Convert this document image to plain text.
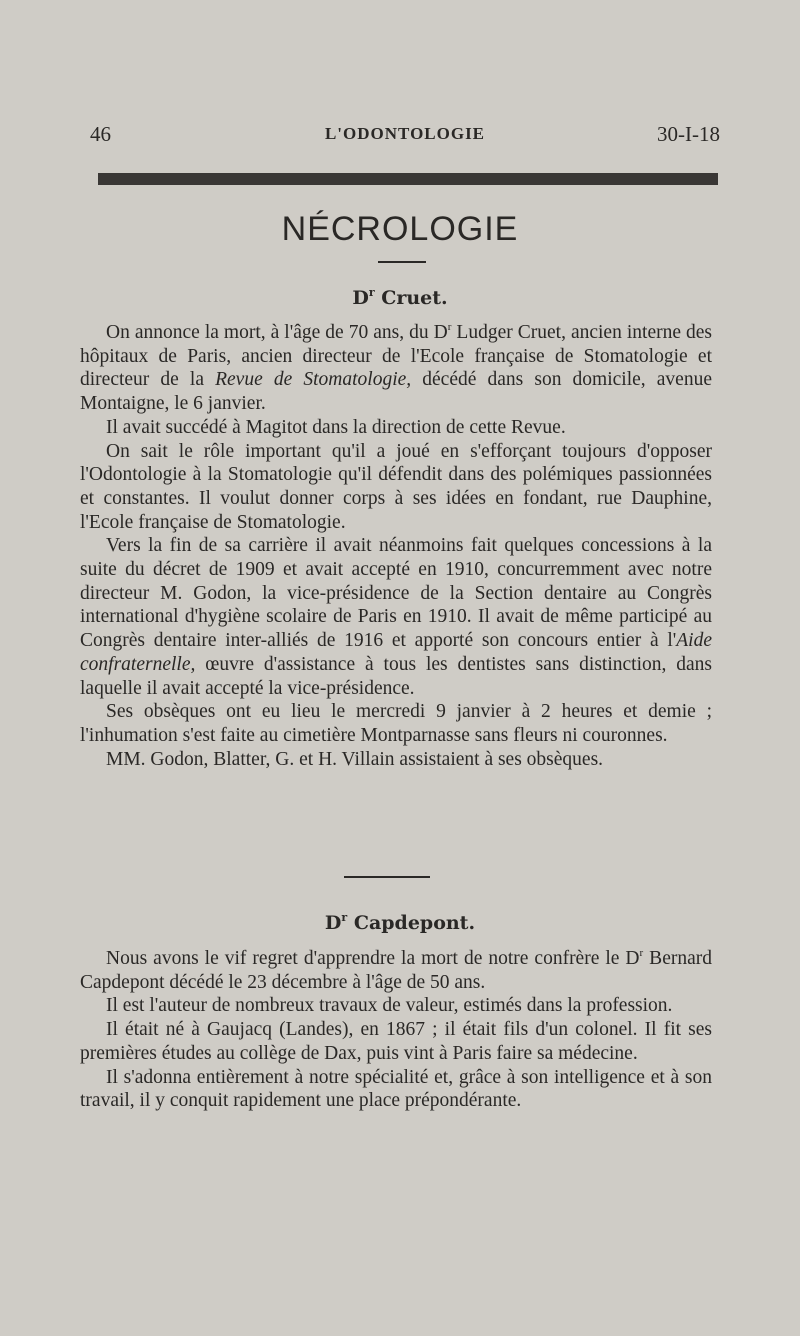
46	L'ODONTOLOGIE	30-I-18
NÉCROLOGIE
$D^r$ Cruet.

On annonce la mort, à l'âge de 70 ans, du $D^r$ Ludger Cruet, ancien interne des hôpitaux de Paris, ancien directeur de l'Ecole française de Stomatologie et directeur de la Revue de Stomatologie, décédé dans son domicile, avenue Montaigne, le 6 janvier.

Il avait succédé à Magitot dans la direction de cette Revue.

On sait le rôle important qu'il a joué en s'efforçant toujours d'opposer l'Odontologie à la Stomatologie qu'il défendit dans des polémiques passionnées et constantes. Il voulut donner corps à ses idées en fondant, rue Dauphine, l'Ecole française de Stomatologie.

Vers la fin de sa carrière il avait néanmoins fait quelques concessions à la suite du décret de 1909 et avait accepté en 1910, concurremment avec notre directeur M. Godon, la vice-présidence de la Section dentaire au Congrès international d'hygiène scolaire de Paris en 1910. Il avait de même participé au Congrès dentaire inter-alliés de 1916 et apporté son concours entier à l'Aide confraternelle, œuvre d'assistance à tous les dentistes sans distinction, dans laquelle il avait accepté la vice-présidence.

Ses obsèques ont eu lieu le mercredi 9 janvier à 2 heures et demie ; l'inhumation s'est faite au cimetière Montparnasse sans fleurs ni couronnes.

MM. Godon, Blatter, G. et H. Villain assistaient à ses obsèques.

$D^r$ Capdepont.

Nous avons le vif regret d'apprendre la mort de notre confrère le $D^r$ Bernard Capdepont décédé le 23 décembre à l'âge de 50 ans.

Il est l'auteur de nombreux travaux de valeur, estimés dans la profession.

Il était né à Gaujacq (Landes), en 1867 ; il était fils d'un colonel. Il fit ses premières études au collège de Dax, puis vint à Paris faire sa médecine.

Il s'adonna entièrement à notre spécialité et, grâce à son intelligence et à son travail, il y conquit rapidement une place prépondérante.
